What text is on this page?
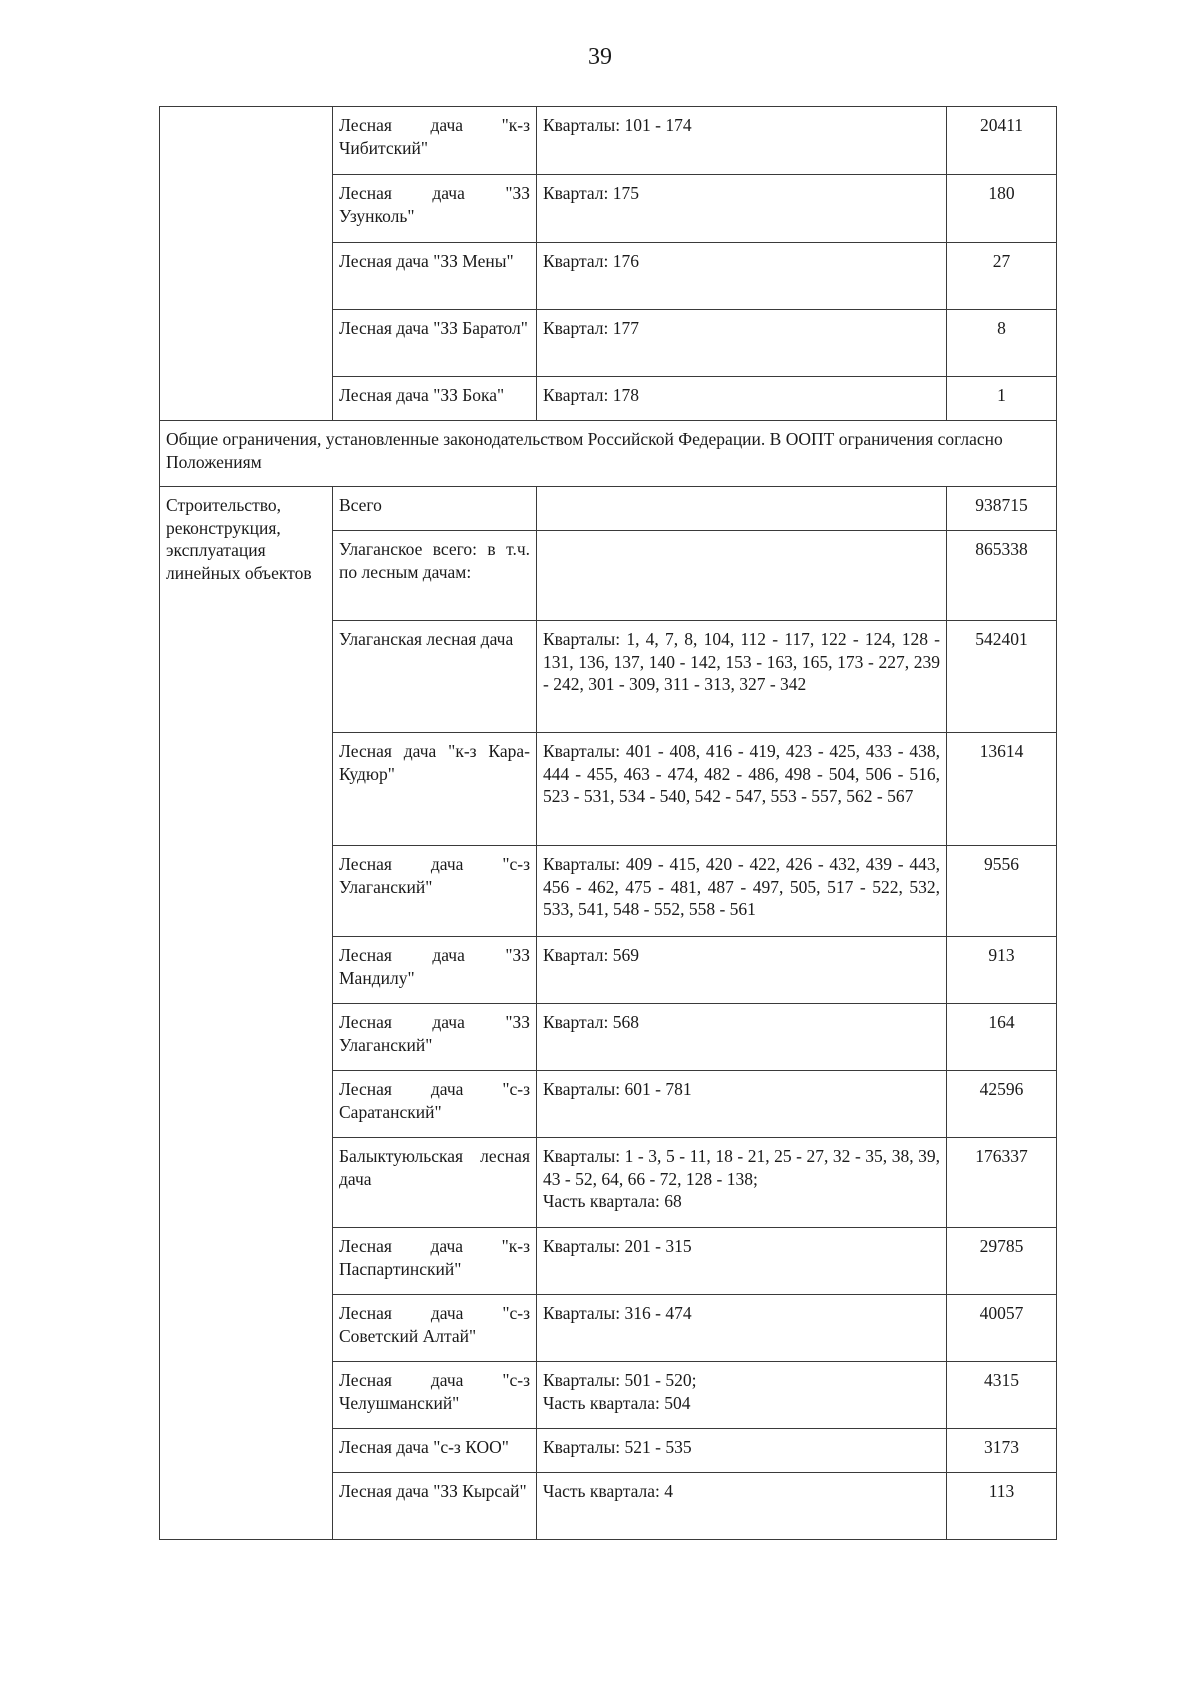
39
	Лесная дача "к-з Чибитский"	Кварталы: 101 - 174	20411
	Лесная дача "ЗЗ Узунколь"	Квартал: 175	180
	Лесная дача "ЗЗ Мены"	Квартал: 176	27
	Лесная дача "ЗЗ Баратол"	Квартал: 177	8
	Лесная дача "ЗЗ Бока"	Квартал: 178	1
Общие ограничения, установленные законодательством Российской Федерации. В ООПТ ограничения согласно Положениям			
Строительство, реконструкция, эксплуатация линейных объектов	Всего		938715
	Улаганское всего: в т.ч. по лесным дачам:		865338
	Улаганская лесная дача	Кварталы: 1, 4, 7, 8, 104, 112 - 117, 122 - 124, 128 - 131, 136, 137, 140 - 142, 153 - 163, 165, 173 - 227, 239 - 242, 301 - 309, 311 - 313, 327 - 342	542401
	Лесная дача "к-з Кара-Кудюр"	Кварталы: 401 - 408, 416 - 419, 423 - 425, 433 - 438, 444 - 455, 463 - 474, 482 - 486, 498 - 504, 506 - 516, 523 - 531, 534 - 540, 542 - 547, 553 - 557, 562 - 567	13614
	Лесная дача "с-з Улаганский"	Кварталы: 409 - 415, 420 - 422, 426 - 432, 439 - 443, 456 - 462, 475 - 481, 487 - 497, 505, 517 - 522, 532, 533, 541, 548 - 552, 558 - 561	9556
	Лесная дача "ЗЗ Мандилу"	Квартал: 569	913
	Лесная дача "ЗЗ Улаганский"	Квартал: 568	164
	Лесная дача "с-з Саратанский"	Кварталы: 601 - 781	42596
	Балыктуюльская лесная дача	Кварталы: 1 - 3, 5 - 11, 18 - 21, 25 - 27, 32 - 35, 38, 39, 43 - 52, 64, 66 - 72, 128 - 138;
Часть квартала: 68	176337
	Лесная дача "к-з Паспартинский"	Кварталы: 201 - 315	29785
	Лесная дача "с-з Советский Алтай"	Кварталы: 316 - 474	40057
	Лесная дача "с-з Челушманский"	Кварталы: 501 - 520;
Часть квартала: 504	4315
	Лесная дача "с-з КОО"	Кварталы: 521 - 535	3173
	Лесная дача "ЗЗ Кырсай"	Часть квартала: 4	113
